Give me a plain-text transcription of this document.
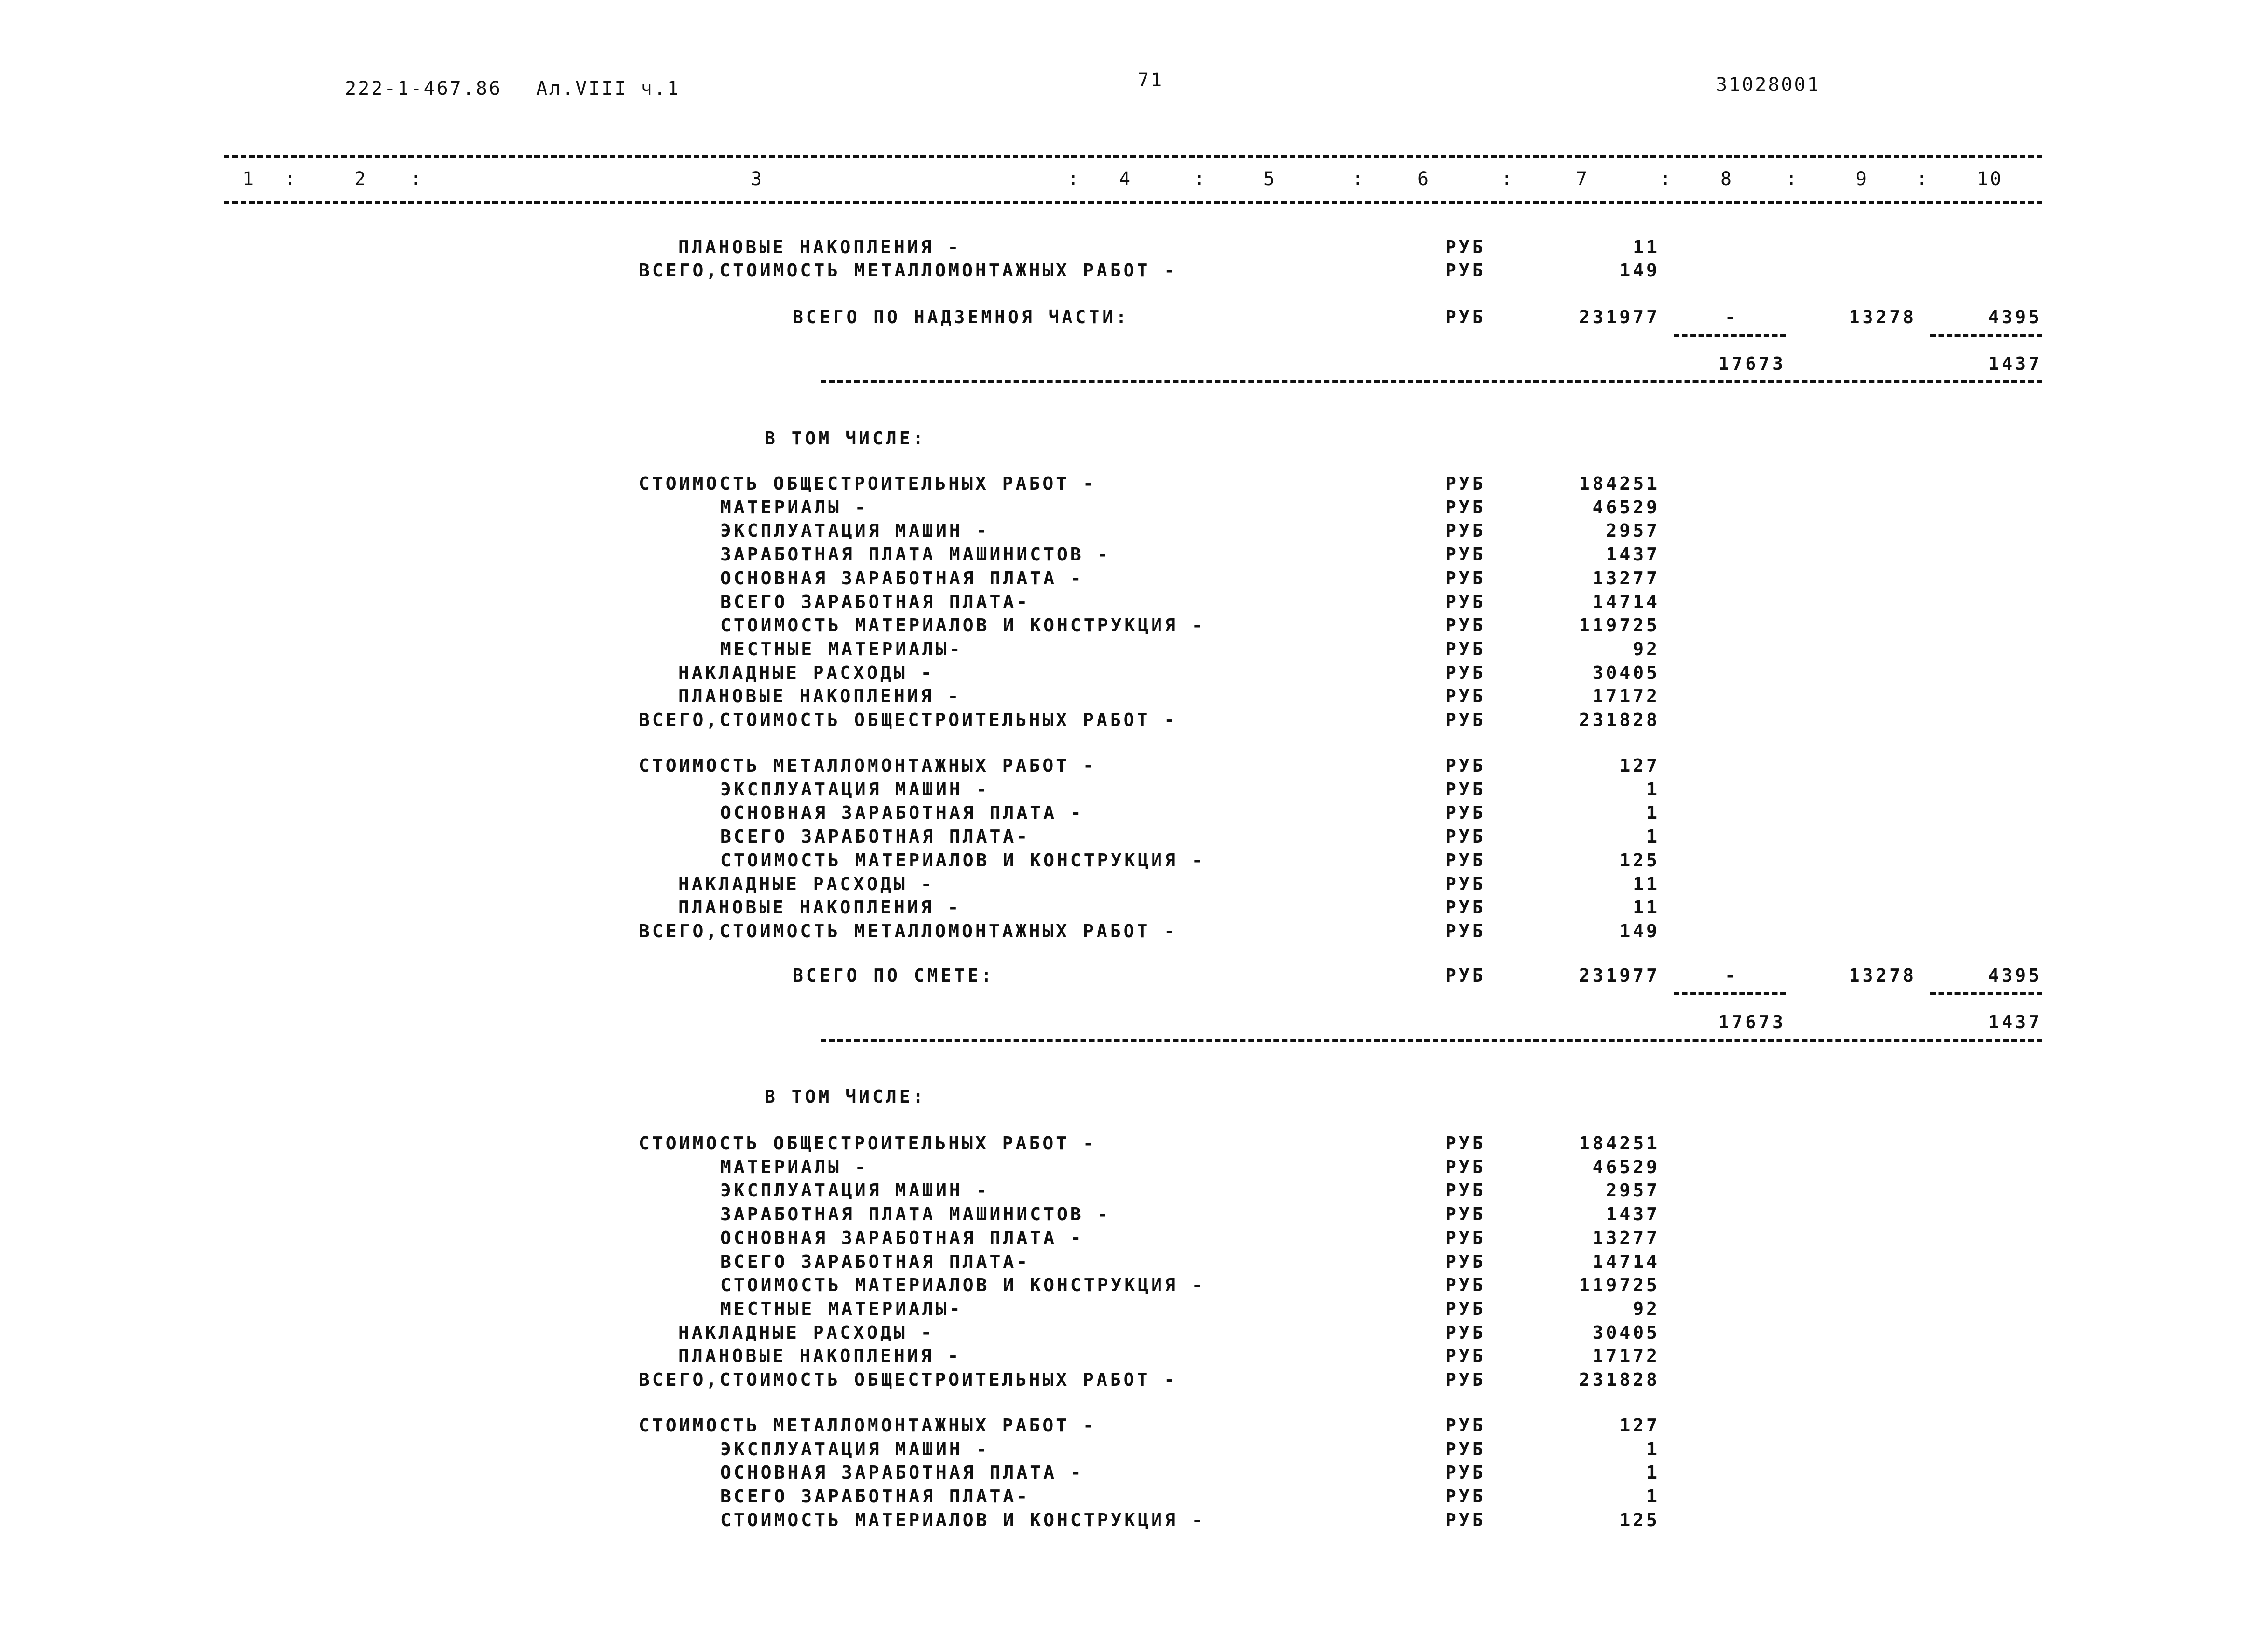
222-1-467.86 Ал.VIII ч.1	71	31028001
1 :	2 :	3	: 4	:	5	:	6	:	7	:	8	:	9	:	10
ПЛАНОВЫЕ НАКОПЛЕНИЯ -	РУБ	11
ВСЕГО,СТОИМОСТЬ МЕТАЛЛОМОНТАЖНЫХ РАБОТ -	РУБ	149
ВСЕГО ПО НАДЗЕМНОЯ ЧАСТИ:	РУБ	231977	-	13278	4395
17673	1437
В ТОМ ЧИСЛЕ:
СТОИМОСТЬ ОБЩЕСТРОИТЕЛЬНЫХ РАБОТ -	РУБ	184251
МАТЕРИАЛЫ -	РУБ	46529
ЭКСПЛУАТАЦИЯ МАШИН -	РУБ	2957
ЗАРАБОТНАЯ ПЛАТА МАШИНИСТОВ -	РУБ	1437
ОСНОВНАЯ ЗАРАБОТНАЯ ПЛАТА -	РУБ	13277
ВСЕГО ЗАРАБОТНАЯ ПЛАТА-	РУБ	14714
СТОИМОСТЬ МАТЕРИАЛОВ И КОНСТРУКЦИЯ -	РУБ	119725
МЕСТНЫЕ МАТЕРИАЛЫ-	РУБ	92
НАКЛАДНЫЕ РАСХОДЫ -	РУБ	30405
ПЛАНОВЫЕ НАКОПЛЕНИЯ -	РУБ	17172
ВСЕГО,СТОИМОСТЬ ОБЩЕСТРОИТЕЛЬНЫХ РАБОТ -	РУБ	231828
СТОИМОСТЬ МЕТАЛЛОМОНТАЖНЫХ РАБОТ -	РУБ	127
ЭКСПЛУАТАЦИЯ МАШИН -	РУБ	1
ОСНОВНАЯ ЗАРАБОТНАЯ ПЛАТА -	РУБ	1
ВСЕГО ЗАРАБОТНАЯ ПЛАТА-	РУБ	1
СТОИМОСТЬ МАТЕРИАЛОВ И КОНСТРУКЦИЯ -	РУБ	125
НАКЛАДНЫЕ РАСХОДЫ -	РУБ	11
ПЛАНОВЫЕ НАКОПЛЕНИЯ -	РУБ	11
ВСЕГО,СТОИМОСТЬ МЕТАЛЛОМОНТАЖНЫХ РАБОТ -	РУБ	149
ВСЕГО ПО СМЕТЕ:	РУБ	231977	-	13278	4395
17673	1437
В ТОМ ЧИСЛЕ:
СТОИМОСТЬ ОБЩЕСТРОИТЕЛЬНЫХ РАБОТ -	РУБ	184251
МАТЕРИАЛЫ -	РУБ	46529
ЭКСПЛУАТАЦИЯ МАШИН -	РУБ	2957
ЗАРАБОТНАЯ ПЛАТА МАШИНИСТОВ -	РУБ	1437
ОСНОВНАЯ ЗАРАБОТНАЯ ПЛАТА -	РУБ	13277
ВСЕГО ЗАРАБОТНАЯ ПЛАТА-	РУБ	14714
СТОИМОСТЬ МАТЕРИАЛОВ И КОНСТРУКЦИЯ -	РУБ	119725
МЕСТНЫЕ МАТЕРИАЛЫ-	РУБ	92
НАКЛАДНЫЕ РАСХОДЫ -	РУБ	30405
ПЛАНОВЫЕ НАКОПЛЕНИЯ -	РУБ	17172
ВСЕГО,СТОИМОСТЬ ОБЩЕСТРОИТЕЛЬНЫХ РАБОТ -	РУБ	231828
СТОИМОСТЬ МЕТАЛЛОМОНТАЖНЫХ РАБОТ -	РУБ	127
ЭКСПЛУАТАЦИЯ МАШИН -	РУБ	1
ОСНОВНАЯ ЗАРАБОТНАЯ ПЛАТА -	РУБ	1
ВСЕГО ЗАРАБОТНАЯ ПЛАТА-	РУБ	1
СТОИМОСТЬ МАТЕРИАЛОВ И КОНСТРУКЦИЯ -	РУБ	125
